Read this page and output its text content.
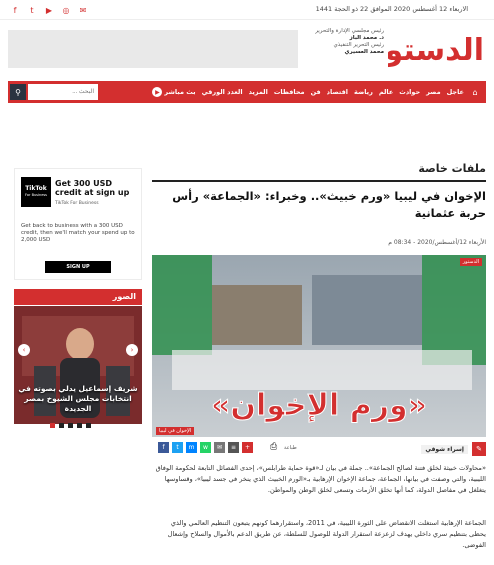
f	t	▶	◎	✉	الاربعاء 12 أغسطس 2020 الموافق 22 ذو الحجة 1441
رئيس مجلسي الإدارة والتحرير
د. محمد الباز
رئيس التحرير التنفيذي
محمد العسيري	الدستو
⌂
عاجل
مصر
حوادث
عالم
رياضة
اقتصاد
فن
محافظات
المزيد
العدد الورقي
▶ بث مباشر
⚲
البحث ...
TikTok
For Business
Get 300 USD credit at sign up
TikTok For Business
Get back to business with a 300 USD credit, then we'll match your spend up to 2,000 USD
SIGN UP
الصور
‹	›
شريف إسماعيل يدلي بصوته في انتخابات مجلس الشيوخ بمصر الجديدة
ملفات خاصة
الإخوان في ليبيا «ورم خبيث».. وخبراء: «الجماعة» رأس حربة عثمانية
الأربعاء 12/أغسطس/2020 - 08:34 م
«ورم الإخوان»
الدستور
الإخوان في ليبيا
f	t	m	w	✉	≡	+	⎙	طباعة	إسراء شوقي	✎

«محاولات خبيثة لخلق فتنة لصالح الجماعة».. جملة في بيان لـ«قوة حماية طرابلس»، إحدى الفصائل التابعة لحكومة الوفاق الليبية، والتي وصفت في بيانها، الجماعة، جماعة الإخوان الإرهابية بـ«الورم الخبيث الذي ينخر في جسد ليبيا»، وقساوسها يتغلغل في مفاصل الدولة، كما أنها تخلق الأزمات وتسعى لخلق الوطن والمواطن.

الجماعة الإرهابية استغلت الانقضاض على الثورة الليبية، في 2011، واستقرارهما كونهم يتبعون التنظيم العالمي والذي يحظى بتنظيم سري داخلي يهدف لزعزعة استقرار الدولة للوصول للسلطة، عن طريق الدعم بالأموال والسلاح وإشعال الفوضى.
